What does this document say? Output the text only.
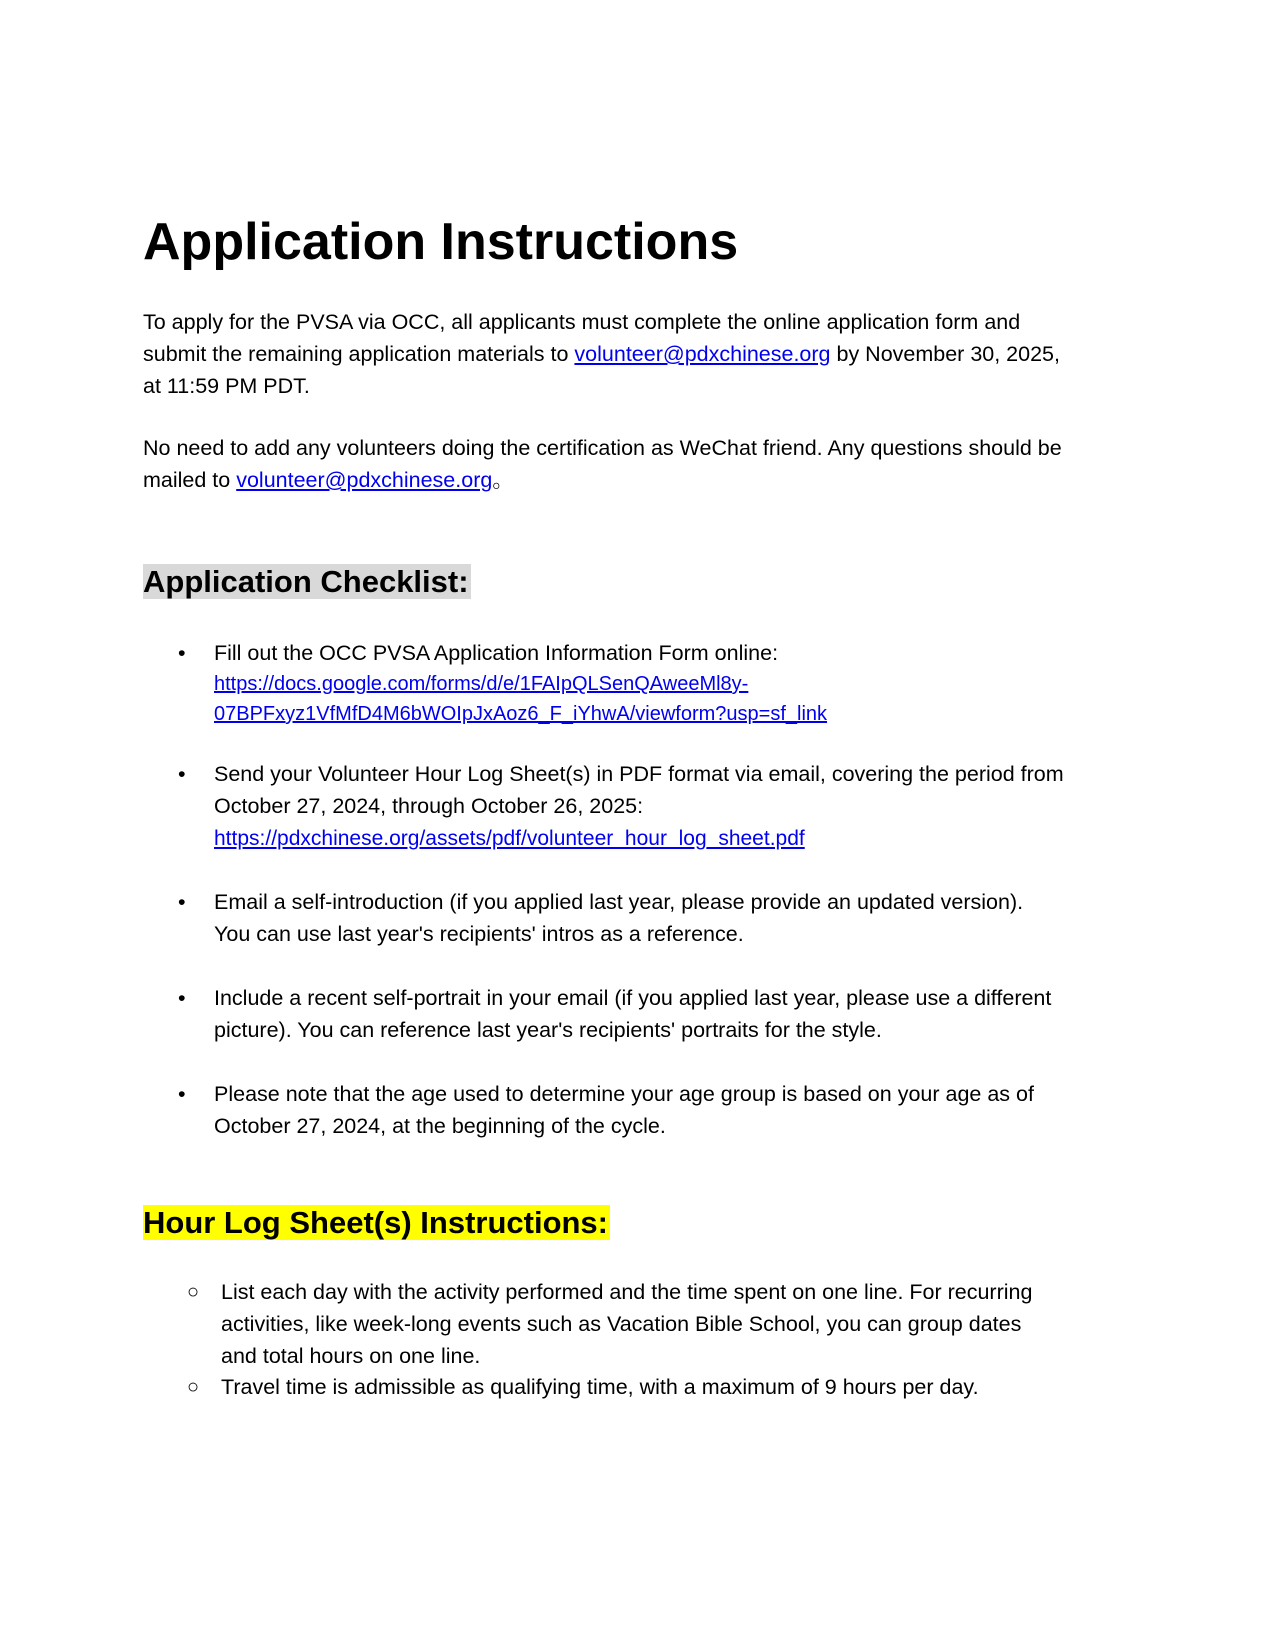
Application Instructions

To apply for the PVSA via OCC, all applicants must complete the online application form and submit the remaining application materials to volunteer@pdxchinese.org by November 30, 2025, at 11:59 PM PDT.

No need to add any volunteers doing the certification as WeChat friend. Any questions should be mailed to volunteer@pdxchinese.org。

Application Checklist:
• Fill out the OCC PVSA Application Information Form online:
https://docs.google.com/forms/d/e/1FAIpQLSenQAweeMl8y-
07BPFxyz1VfMfD4M6bWOIpJxAoz6_F_iYhwA/viewform?usp=sf_link
• Send your Volunteer Hour Log Sheet(s) in PDF format via email, covering the period from October 27, 2024, through October 26, 2025:
https://pdxchinese.org/assets/pdf/volunteer_hour_log_sheet.pdf
• Email a self-introduction (if you applied last year, please provide an updated version). You can use last year's recipients' intros as a reference.
• Include a recent self-portrait in your email (if you applied last year, please use a different picture). You can reference last year's recipients' portraits for the style.
• Please note that the age used to determine your age group is based on your age as of October 27, 2024, at the beginning of the cycle.
Hour Log Sheet(s) Instructions:
○ List each day with the activity performed and the time spent on one line. For recurring activities, like week-long events such as Vacation Bible School, you can group dates and total hours on one line.
○ Travel time is admissible as qualifying time, with a maximum of 9 hours per day.
